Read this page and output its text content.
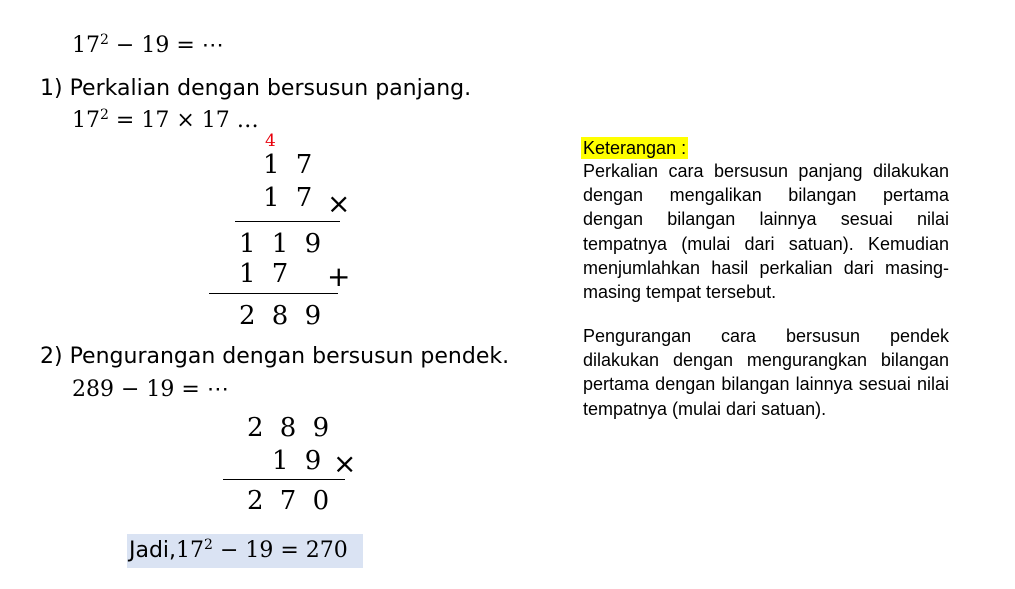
$17^2 - 19$ = ⋯
1) Perkalian dengan bersusun panjang.
$17^2 = 17 \times 17$ …
4
1 7
1 7 ×
1 1 9
1 7 +
2 8 9
2) Pengurangan dengan bersusun pendek.
289 − 19 = ⋯
2 8 9
1 9 ×
2 7 0
$Jadi,17^2 - 19 = 270$
Keterangan :
Perkalian cara bersusun panjang dilakukan dengan mengalikan bilangan pertama dengan bilangan lainnya sesuai nilai tempatnya (mulai dari satuan). Kemudian menjumlahkan hasil perkalian dari masing-masing tempat tersebut.
Pengurangan cara bersusun pendek dilakukan dengan mengurangkan bilangan pertama dengan bilangan lainnya sesuai nilai tempatnya (mulai dari satuan).
